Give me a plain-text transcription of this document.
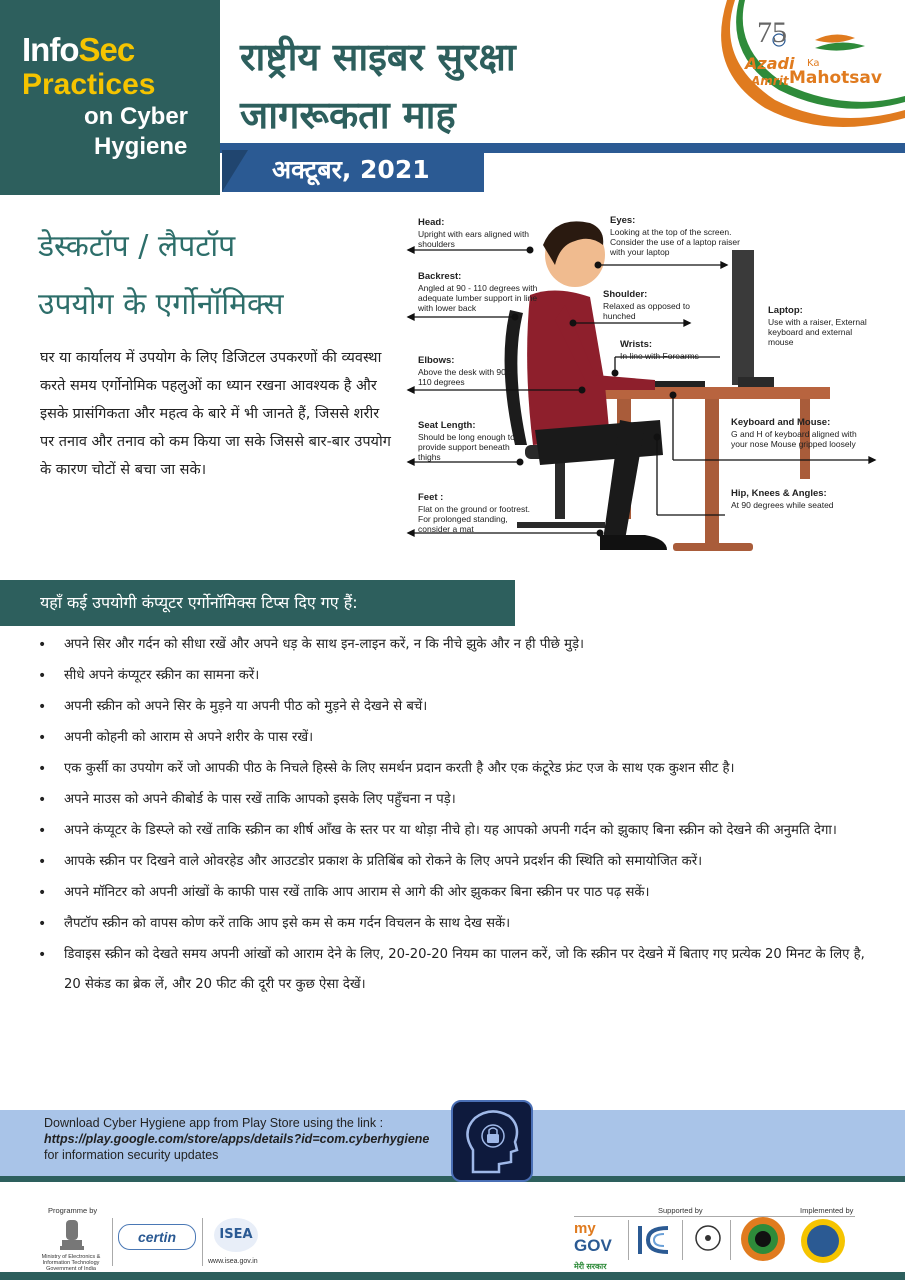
InfoSec
Practices
on Cyber
Hygiene
राष्ट्रीय साइबर सुरक्षा
जागरूकता माह
अक्टूबर, 2021
75
Azadi Ka
Amrit Mahotsav
डेस्कटॉप / लैपटॉप
उपयोग के एर्गोनॉमिक्स

घर या कार्यालय में उपयोग के लिए डिजिटल उपकरणों की व्यवस्था करते समय एर्गोनोमिक पहलुओं का ध्यान रखना आवश्यक है और इसके प्रासंगिकता और महत्व के बारे में भी जानते हैं, जिससे शरीर पर तनाव और तनाव को कम किया जा सके जिससे बार-बार उपयोग के कारण चोटों से बचा जा सके।

Head:
Upright with ears aligned with shoulders
Backrest:
Angled at 90 - 110 degrees with adequate lumber support in line with lower back
Elbows:
Above the desk with 90 - 110 degrees
Seat Length:
Should be long enough to provide support beneath thighs
Feet :
Flat on the ground or footrest. For prolonged standing, consider a mat
Eyes:
Looking at the top of the screen. Consider the use of a laptop raiser with your laptop
Shoulder:
Relaxed as opposed to hunched	Laptop:
Use with a raiser, External keyboard and external mouse
Wrists:
In line with Forearms
Keyboard and Mouse:
G and H of keyboard aligned with your nose Mouse gripped loosely
Hip, Knees & Angles:
At 90 degrees while seated
यहाँ कई उपयोगी कंप्यूटर एर्गोनॉमिक्स टिप्स दिए गए हैं:
• अपने सिर और गर्दन को सीधा रखें और अपने धड़ के साथ इन-लाइन करें, न कि नीचे झुके और न ही पीछे मुड़े।
• सीधे अपने कंप्यूटर स्क्रीन का सामना करें।
• अपनी स्क्रीन को अपने सिर के मुड़ने या अपनी पीठ को मुड़ने से देखने से बचें।
• अपनी कोहनी को आराम से अपने शरीर के पास रखें।
• एक कुर्सी का उपयोग करें जो आपकी पीठ के निचले हिस्से के लिए समर्थन प्रदान करती है और एक कंटूरेड फ्रंट एज के साथ एक कुशन सीट है।
• अपने माउस को अपने कीबोर्ड के पास रखें ताकि आपको इसके लिए पहुँचना न पड़े।
• अपने कंप्यूटर के डिस्प्ले को रखें ताकि स्क्रीन का शीर्ष आँख के स्तर पर या थोड़ा नीचे हो। यह आपको अपनी गर्दन को झुकाए बिना स्क्रीन को देखने की अनुमति देगा।
• आपके स्क्रीन पर दिखने वाले ओवरहेड और आउटडोर प्रकाश के प्रतिबिंब को रोकने के लिए अपने प्रदर्शन की स्थिति को समायोजित करें।
• अपने मॉनिटर को अपनी आंखों के काफी पास रखें ताकि आप आराम से आगे की ओर झुककर बिना स्क्रीन पर पाठ पढ़ सकें।
• लैपटॉप स्क्रीन को वापस कोण करें ताकि आप इसे कम से कम गर्दन विचलन के साथ देख सकें।
• डिवाइस स्क्रीन को देखते समय अपनी आंखों को आराम देने के लिए, 20-20-20 नियम का पालन करें, जो कि स्क्रीन पर देखने में बिताए गए प्रत्येक 20 मिनट के लिए है, 20 सेकंड का ब्रेक लें, और 20 फीट की दूरी पर कुछ ऐसा देखें।
Download Cyber Hygiene app from Play Store using the link :
https://play.google.com/store/apps/details?id=com.cyberhygiene
for information security updates
Programme by
Ministry of Electronics & Information Technology Government of India
certin	ISEA
www.isea.gov.in
Supported by
my
GOV
मेरी सरकार
Implemented by
